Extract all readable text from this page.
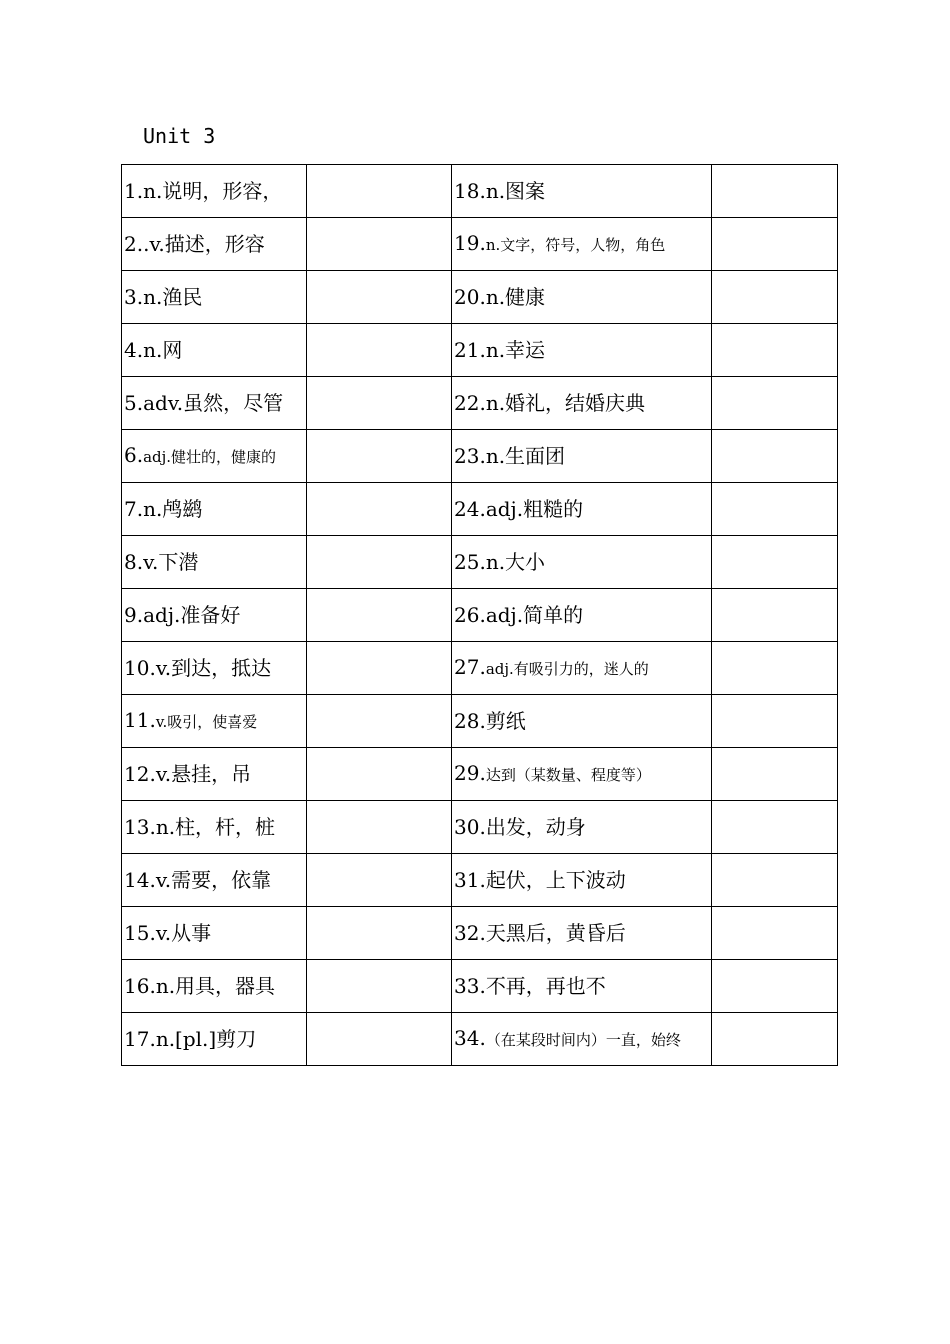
Unit 3
1.n.说明，形容，		18.n.图案	
2..v.描述，形容		19.n.文字，符号，人物，角色	
3.n.渔民		20.n.健康	
4.n.网		21.n.幸运	
5.adv.虽然，尽管		22.n.婚礼，结婚庆典	
6.adj.健壮的，健康的		23.n.生面团	
7.n.鸬鹚		24.adj.粗糙的	
8.v.下潜		25.n.大小	
9.adj.准备好		26.adj.简单的	
10.v.到达，抵达		27.adj.有吸引力的，迷人的	
11.v.吸引，使喜爱		28.剪纸	
12.v.悬挂，吊		29.达到（某数量、程度等）	
13.n.柱，杆，桩		30.出发，动身	
14.v.需要，依靠		31.起伏，上下波动	
15.v.从事		32.天黑后，黄昏后	
16.n.用具，器具		33.不再，再也不	
17.n.[pl.]剪刀		34.（在某段时间内）一直，始终	
